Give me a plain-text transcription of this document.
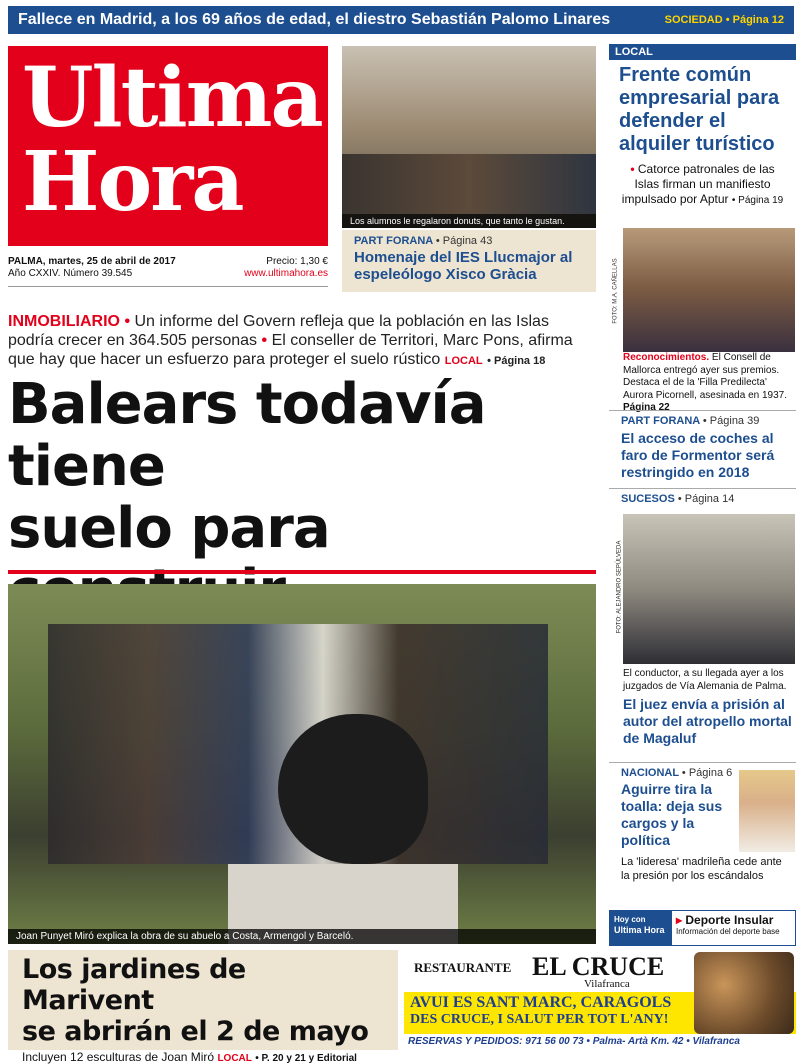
Fallece en Madrid, a los 69 años de edad, el diestro Sebastián Palomo Linares	SOCIEDAD • Página 12
Ultima
Hora
PALMA, martes, 25 de abril de 2017
Año CXXIV. Número 39.545
Precio: 1,30 €
www.ultimahora.es
Los alumnos le regalaron donuts, que tanto le gustan.
PART FORANA • Página 43
Homenaje del IES Llucmajor al espeleólogo Xisco Gràcia
INMOBILIARIO • Un informe del Govern refleja que la población en las Islas podría crecer en 364.505 personas • El conseller de Territori, Marc Pons, afirma que hay que hacer un esfuerzo para proteger el suelo rústico LOCAL • Página 18
Balears todavía tiene
suelo para
Joan Punyet Miró explica la obra de su abuelo a Costa, Armengol y Barceló.
Los jardines de Marivent
se abrirán el 2 de mayo
Incluyen 12 esculturas de Joan Miró LOCAL • P. 20 y 21 y Editorial
RESTAURANTE EL CRUCE
Vilafranca
AVUI ES SANT MARC, CARAGOLS
DES CRUCE, I SALUT PER TOT L'ANY!
RESERVAS Y PEDIDOS: 971 56 00 73 • Palma- Artà Km. 42 • Vilafranca
LOCAL
Frente común empresarial para defender el alquiler turístico
• Catorce patronales de las Islas firman un manifiesto impulsado por Aptur • Página 19
FOTO: M.A. CAÑELLAS
Reconocimientos. El Consell de Mallorca entregó ayer sus premios. Destaca el de la 'Filla Predilecta' Aurora Picornell, asesinada en 1937. Página 22
PART FORANA • Página 39
El acceso de coches al faro de Formentor será restringido en 2018
SUCESOS • Página 14
FOTO: ALEJANDRO SEPÚLVEDA
El conductor, a su llegada ayer a los juzgados de Vía Alemania de Palma.
El juez envía a prisión al autor del atropello mortal de Magaluf
NACIONAL • Página 6
Aguirre tira la toalla: deja sus cargos y la política
La 'lideresa' madrileña cede ante la presión por los escándalos
Hoy con
Ultima Hora
▸ Deporte Insular
Información del deporte base
